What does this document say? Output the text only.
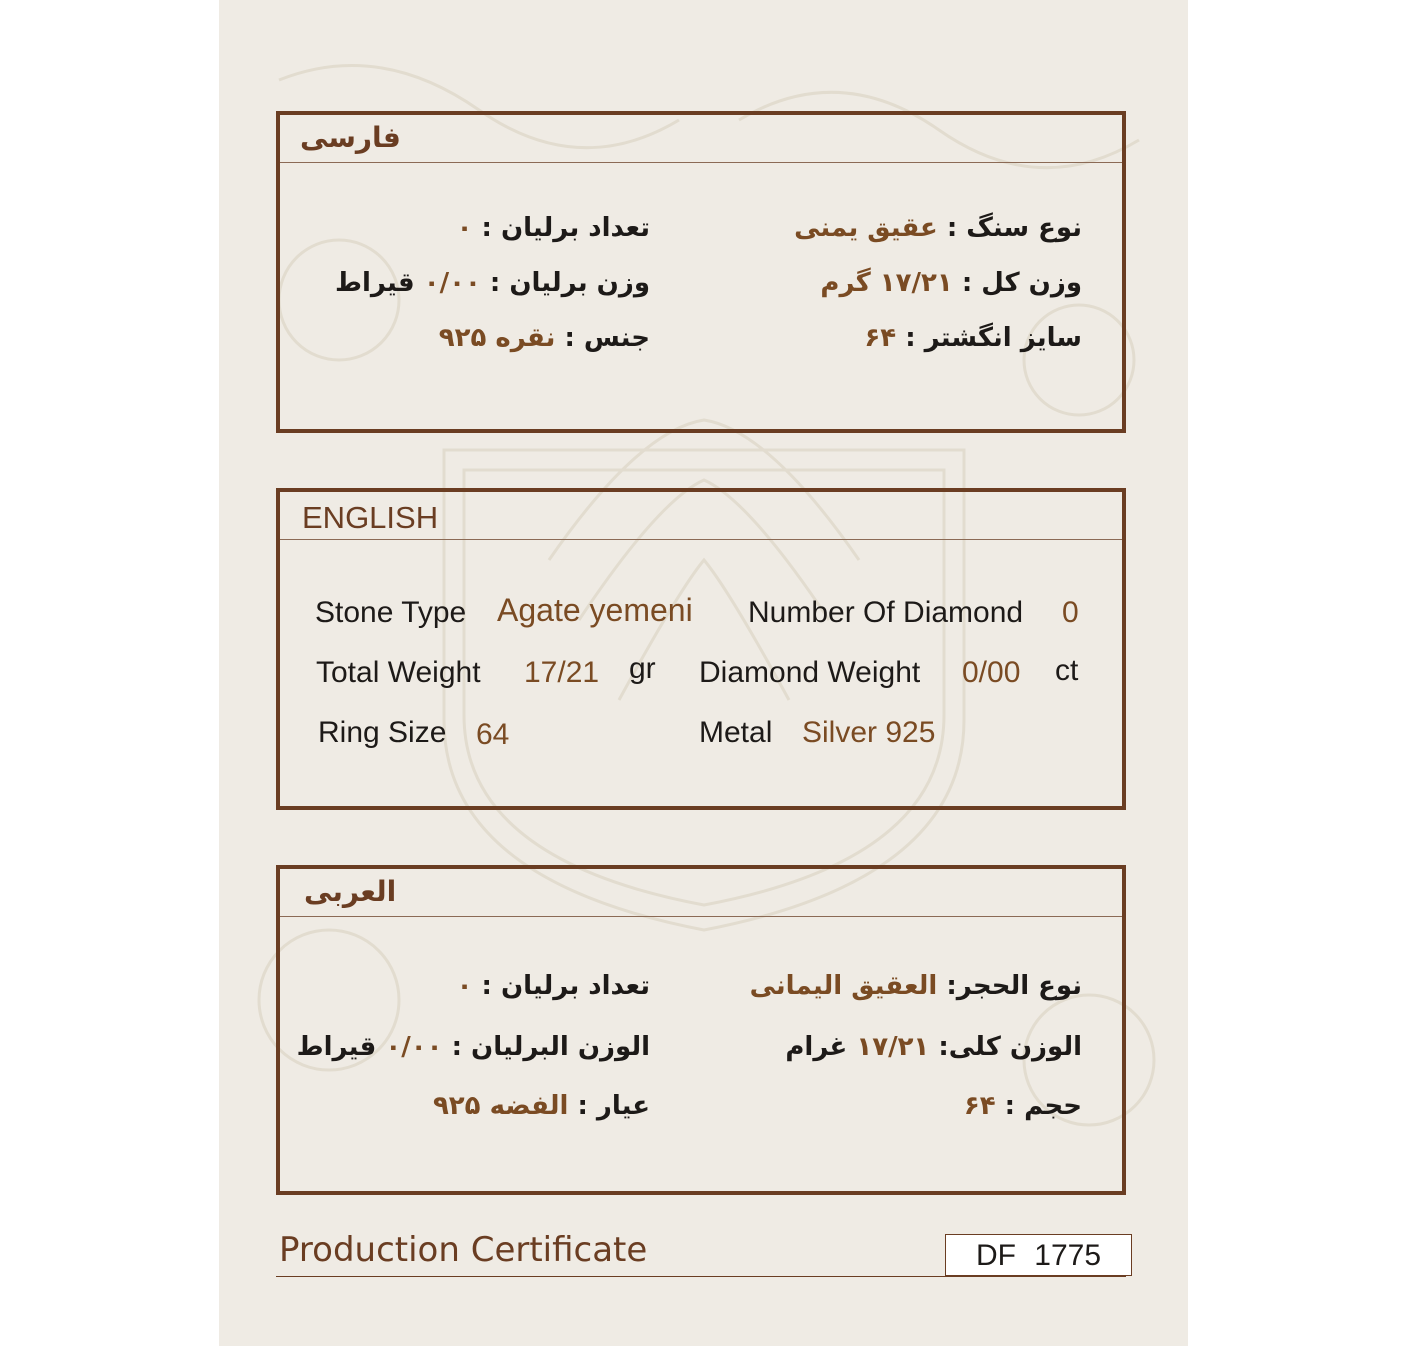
فارسی
نوع سنگ : عقیق یمنی
وزن کل : ۱۷/۲۱ گرم
سایز انگشتر : ۶۴
تعداد برلیان : ۰
وزن برلیان : ۰/۰۰ قیراط
جنس : نقره ۹۲۵
ENGLISH
Stone Type Agate yemeni Number Of Diamond 0
Total Weight 17/21 gr Diamond Weight 0/00 ct
Ring Size 64	Metal Silver 925
العربی
نوع الحجر: العقیق الیمانی
الوزن کلی: ۱۷/۲۱ غرام
حجم : ۶۴
تعداد برلیان : ۰
الوزن البرلیان : ۰/۰۰ قیراط
عیار : الفضه ۹۲۵
Production Certificate	DF 1775
